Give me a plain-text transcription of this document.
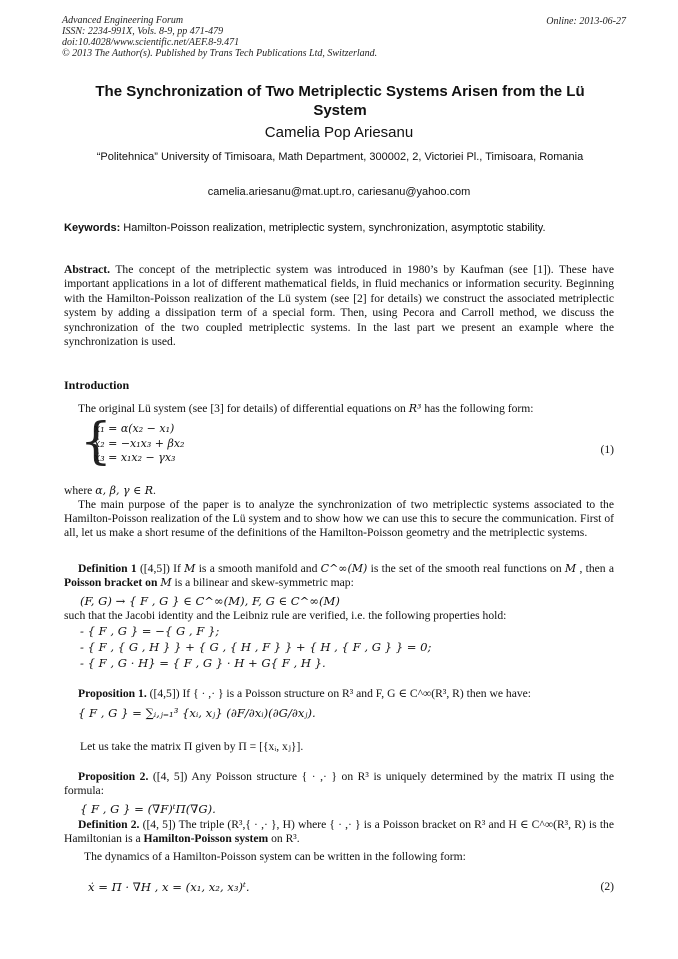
Advanced Engineering Forum
ISSN: 2234-991X, Vols. 8-9, pp 471-479
doi:10.4028/www.scientific.net/AEF.8-9.471
© 2013 The Author(s). Published by Trans Tech Publications Ltd, Switzerland.
Online: 2013-06-27
The Synchronization of Two Metriplectic Systems Arisen from the Lü System
Camelia Pop Ariesanu
“Politehnica” University of Timisoara, Math Department, 300002, 2, Victoriei Pl., Timisoara, Romania
camelia.ariesanu@mat.upt.ro, cariesanu@yahoo.com
Keywords: Hamilton-Poisson realization, metriplectic system, synchronization, asymptotic stability.
Abstract. The concept of the metriplectic system was introduced in 1980’s by Kaufman (see [1]). These have important applications in a lot of different mathematical fields, in fluid mechanics or information security. Beginning with the Hamilton-Poisson realization of the Lü system (see [2] for details) we construct the associated metriplectic system by adding a dissipation term of a special form. Then, using Pecora and Carroll method, we discuss the synchronization of the two coupled metriplectic systems. In the last part we present an example where the synchronization is used.
Introduction
The original Lü system (see [3] for details) of differential equations on R³ has the following form:
{
ẋ₁ = α(x₂ − x₁)
ẋ₂ = −x₁x₃ + βx₂
ẋ₃ = x₁x₂ − γx₃
(1)
where α, β, γ ∈ R.
The main purpose of the paper is to analyze the synchronization of two metriplectic systems associated to the Hamilton-Poisson realization of the Lü system and to show how we can use this to secure the communication. First of all, let us make a short resume of the definitions of the Hamilton-Poisson geometry and the metriplectic systems.
Definition 1 ([4,5]) If M is a smooth manifold and C^∞(M) is the set of the smooth real functions on M , then a Poisson bracket on M is a bilinear and skew-symmetric map:
(F, G) → { F , G } ∈ C^∞(M), F, G ∈ C^∞(M)
such that the Jacobi identity and the Leibniz rule are verified, i.e. the following properties hold:
- { F , G } = −{ G , F };
- { F , { G , H } } + { G , { H , F } } + { H , { F , G } } = 0;
- { F , G · H} = { F , G } · H + G{ F , H }.
Proposition 1. ([4,5]) If { · ,· } is a Poisson structure on R³ and F, G ∈ C^∞(R³, R) then we have:
{ F , G } = ∑ᵢ,ⱼ₌₁³ {xᵢ, xⱼ} (∂F/∂xᵢ)(∂G/∂xⱼ).
Let us take the matrix Π given by Π = [{xᵢ, xⱼ}].
Proposition 2. ([4, 5]) Any Poisson structure { · ,· } on R³ is uniquely determined by the matrix Π using the formula:
{ F , G } = (∇F)ᵗΠ(∇G).
Definition 2. ([4, 5]) The triple (R³,{ · ,· }, H) where { · ,· } is a Poisson bracket on R³ and H ∈ C^∞(R³, R) is the Hamiltonian is a Hamilton-Poisson system on R³.
The dynamics of a Hamilton-Poisson system can be written in the following form:
ẋ = Π · ∇H , x = (x₁, x₂, x₃)ᵗ.	(2)
